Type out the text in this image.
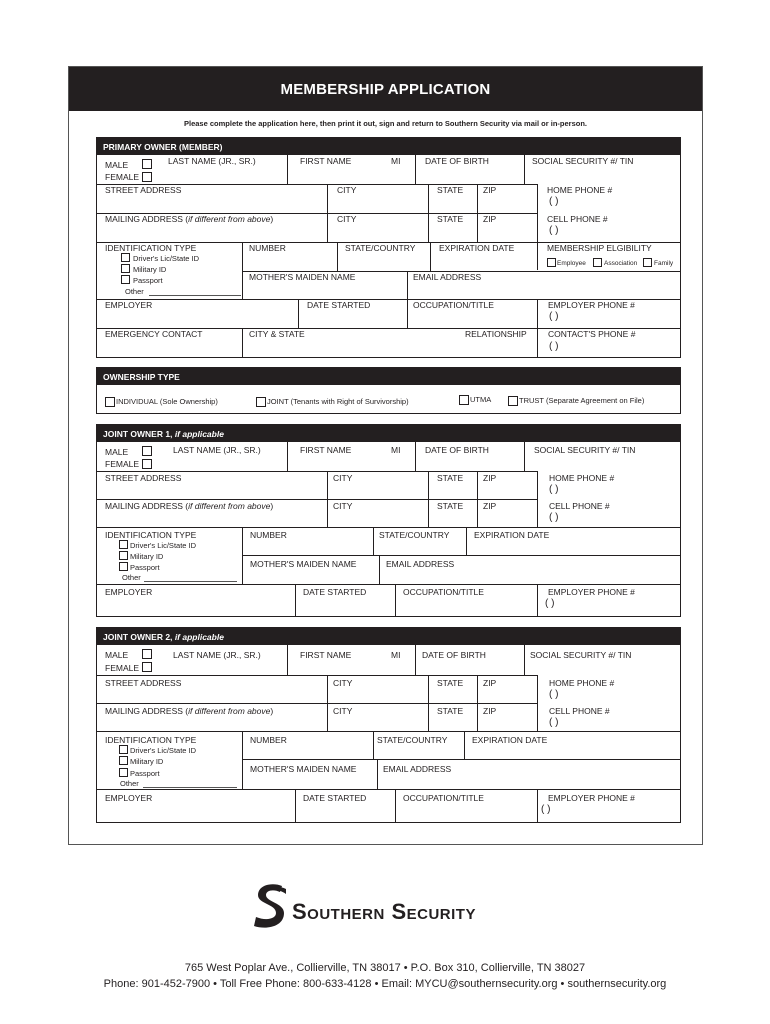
MEMBERSHIP APPLICATION
Please complete the application here, then print it out, sign and return to Southern Security via mail or in-person.
PRIMARY OWNER (MEMBER)
MALE
FEMALE
LAST NAME (JR., SR.)	FIRST NAME	MI	DATE OF BIRTH	SOCIAL SECURITY #/ TIN
STREET ADDRESS	CITY	STATE ZIP	HOME PHONE #
( )
MAILING ADDRESS (if different from above)	CITY	STATE ZIP	CELL PHONE #
( )
IDENTIFICATION TYPE
Driver's Lic/State ID
Military ID
Passport
Other
NUMBER	STATE/COUNTRY	EXPIRATION DATE	MEMBERSHIP ELGIBILITY
Employee	Association	Family
MOTHER'S MAIDEN NAME	EMAIL ADDRESS
EMPLOYER	DATE STARTED	OCCUPATION/TITLE	EMPLOYER PHONE #
( )
EMERGENCY CONTACT	CITY & STATE	RELATIONSHIP	CONTACT'S PHONE #
( )
OWNERSHIP TYPE
INDIVIDUAL (Sole Ownership)	JOINT (Tenants with Right of Survivorship)	UTMA	TRUST (Separate Agreement on File)
JOINT OWNER 1, if applicable
MALE
FEMALE
LAST NAME (JR., SR.)	FIRST NAME	MI	DATE OF BIRTH	SOCIAL SECURITY #/ TIN
STREET ADDRESS	CITY	STATE ZIP	HOME PHONE #
( )
MAILING ADDRESS (if different from above)	CITY	STATE ZIP	CELL PHONE #
( )
IDENTIFICATION TYPE
Driver's Lic/State ID
Military ID
Passport
Other
NUMBER	STATE/COUNTRY	EXPIRATION DATE
MOTHER'S MAIDEN NAME	EMAIL ADDRESS
EMPLOYER	DATE STARTED	OCCUPATION/TITLE	EMPLOYER PHONE #
( )
JOINT OWNER 2, if applicable
MALE
FEMALE
LAST NAME (JR., SR.)	FIRST NAME	MI	DATE OF BIRTH	SOCIAL SECURITY #/ TIN
STREET ADDRESS	CITY	STATE ZIP	HOME PHONE #
( )
MAILING ADDRESS (if different from above)	CITY	STATE ZIP	CELL PHONE #
( )
IDENTIFICATION TYPE
Driver's Lic/State ID
Military ID
Passport
Other
NUMBER	STATE/COUNTRY	EXPIRATION DATE
MOTHER'S MAIDEN NAME	EMAIL ADDRESS
EMPLOYER	DATE STARTED	OCCUPATION/TITLE	EMPLOYER PHONE #
( )
Southern Security
765 West Poplar Ave., Collierville, TN 38017 • P.O. Box 310, Collierville, TN 38027
Phone: 901-452-7900 • Toll Free Phone: 800-633-4128 • Email: MYCU@southernsecurity.org • southernsecurity.org
